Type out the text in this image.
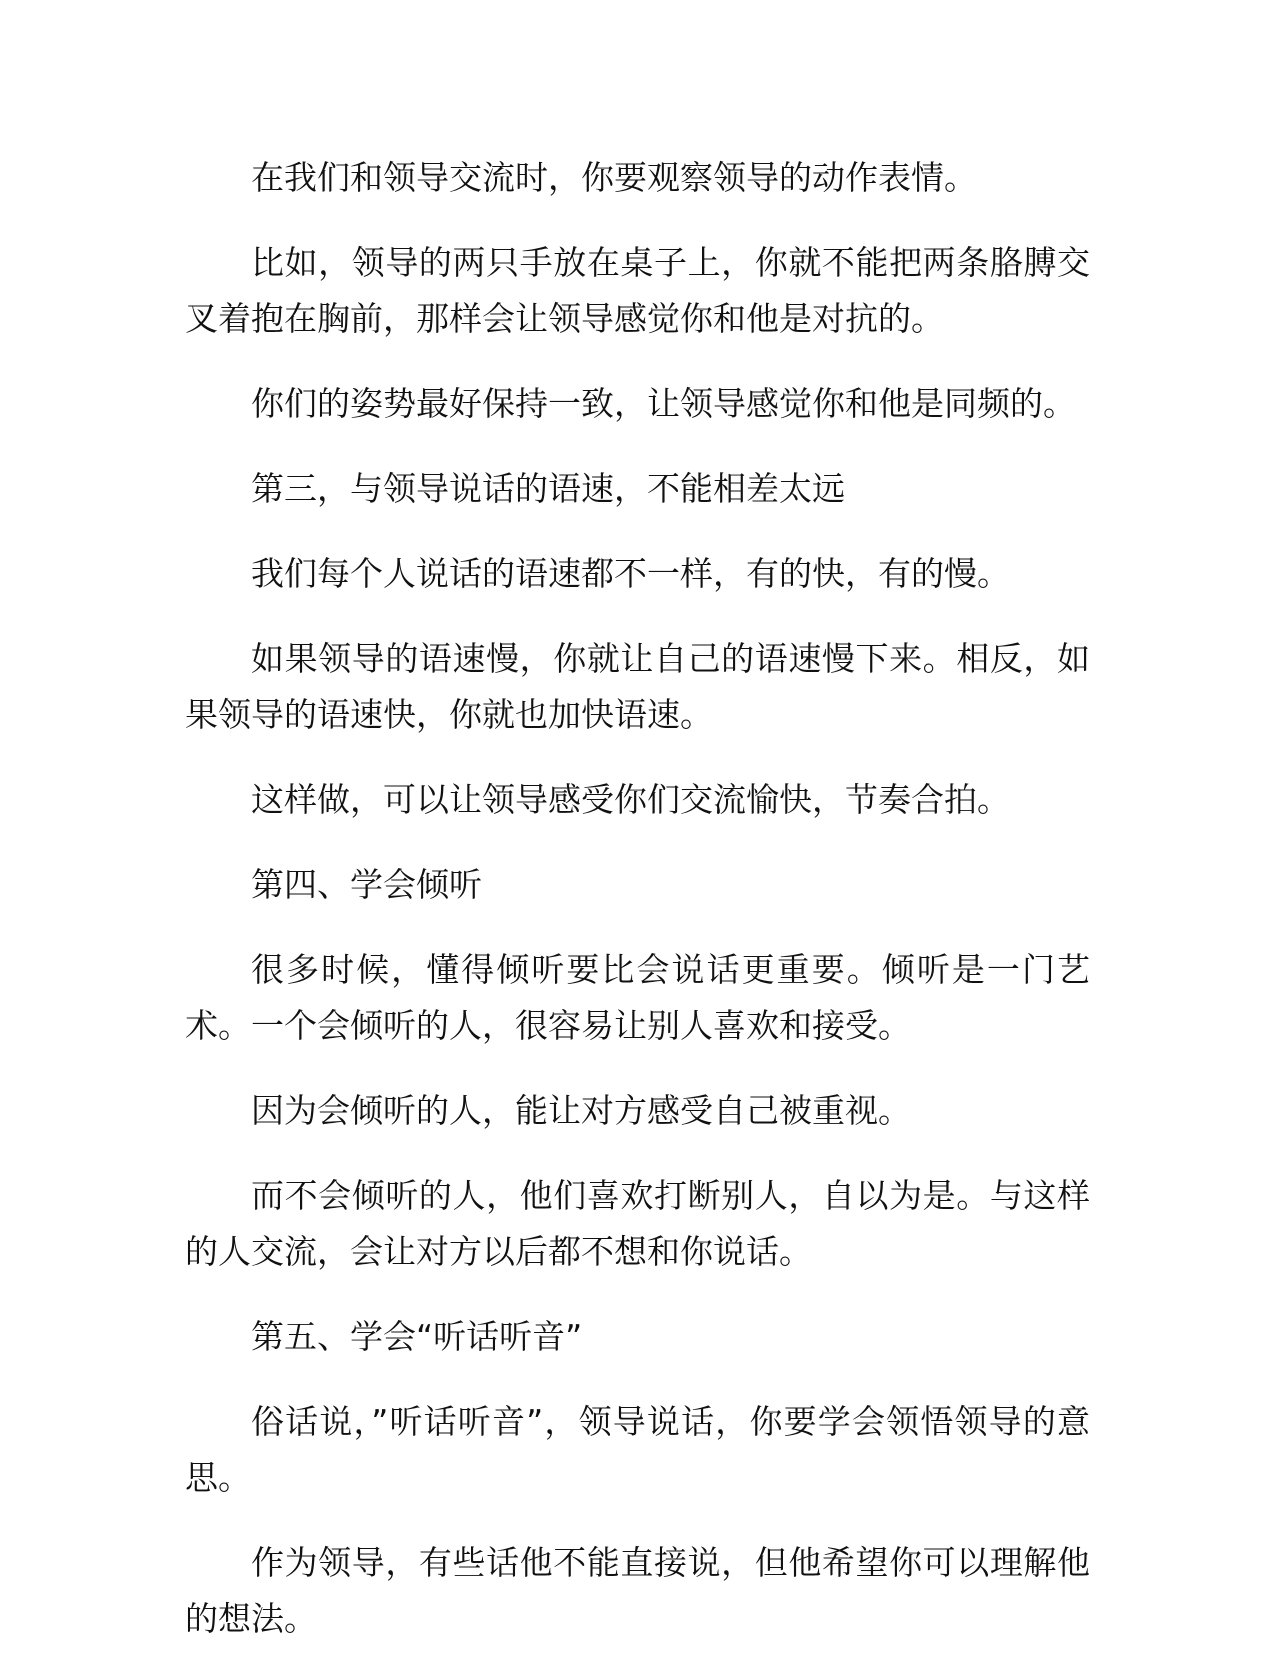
在我们和领导交流时，你要观察领导的动作表情。

比如，领导的两只手放在桌子上，你就不能把两条胳膊交叉着抱在胸前，那样会让领导感觉你和他是对抗的。

你们的姿势最好保持一致，让领导感觉你和他是同频的。

第三，与领导说话的语速，不能相差太远

我们每个人说话的语速都不一样，有的快，有的慢。

如果领导的语速慢，你就让自己的语速慢下来。相反，如果领导的语速快，你就也加快语速。

这样做，可以让领导感受你们交流愉快，节奏合拍。

第四、学会倾听

很多时候，懂得倾听要比会说话更重要。倾听是一门艺术。一个会倾听的人，很容易让别人喜欢和接受。

因为会倾听的人，能让对方感受自己被重视。

而不会倾听的人，他们喜欢打断别人，自以为是。与这样的人交流，会让对方以后都不想和你说话。

第五、学会“听话听音”

俗话说，”听话听音”，领导说话，你要学会领悟领导的意思。

作为领导，有些话他不能直接说，但他希望你可以理解他的想法。
